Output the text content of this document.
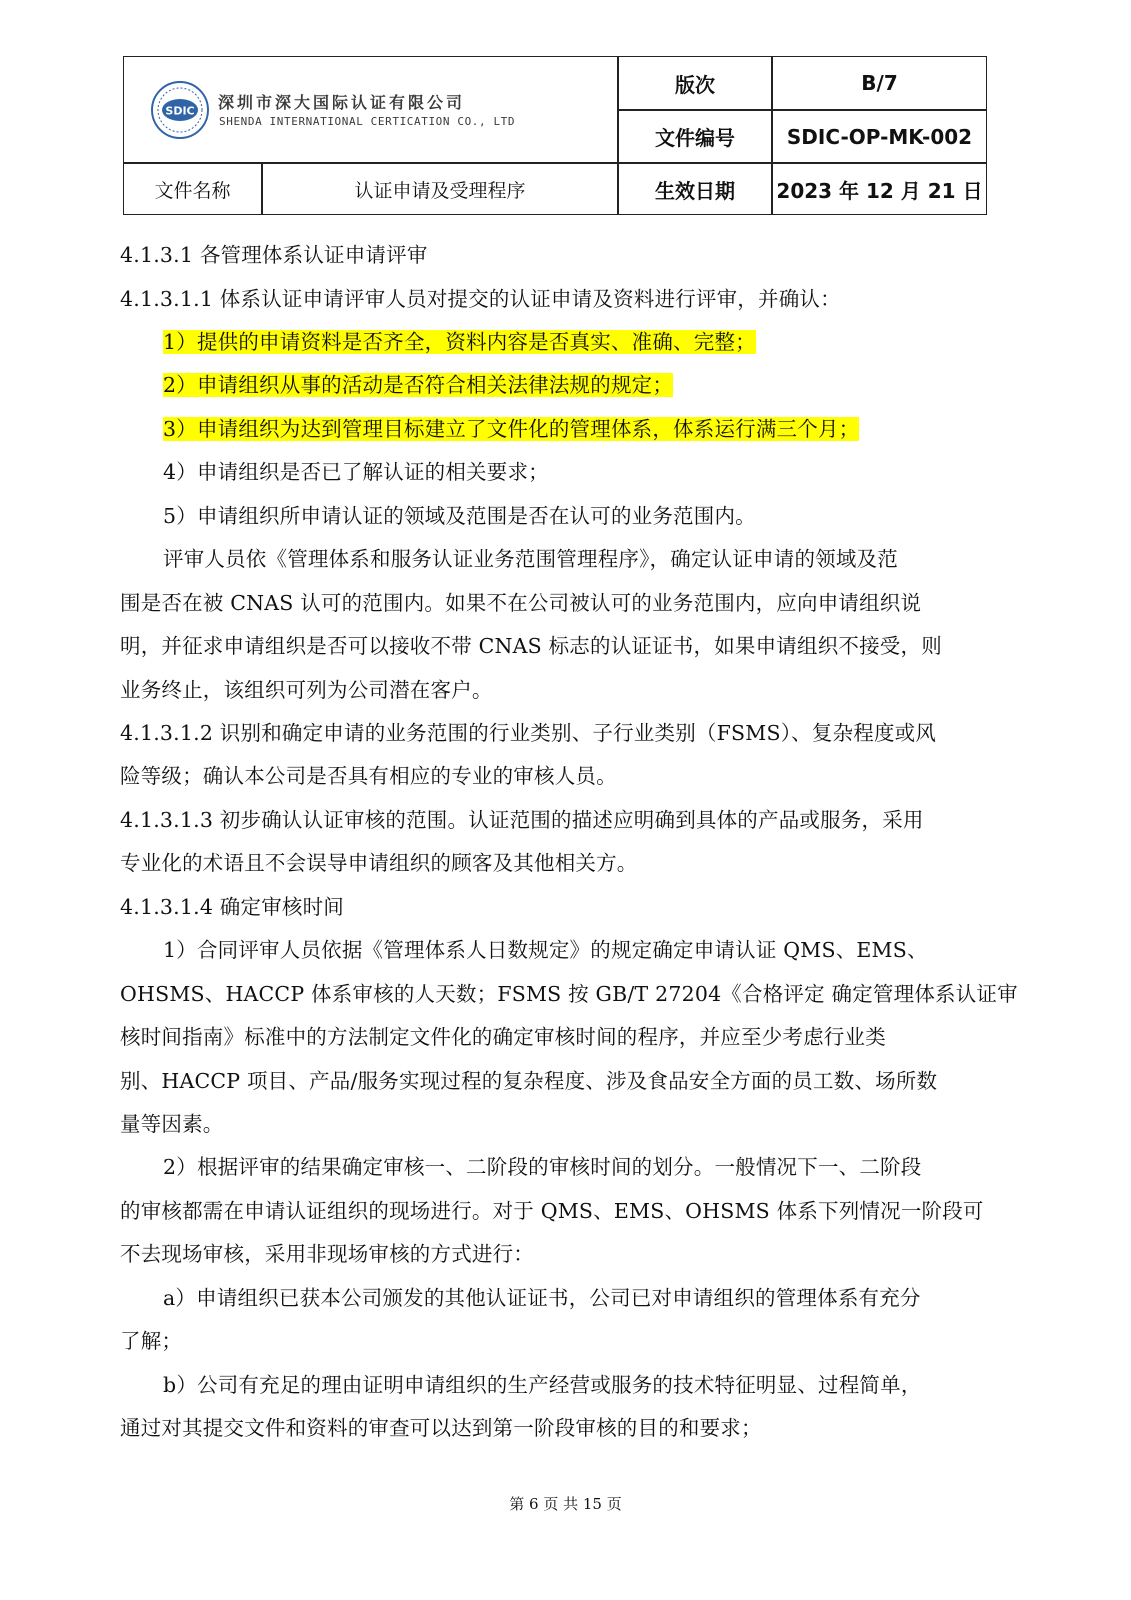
版次	B/7
文件编号	SDIC-OP-MK-002
文件名称	认证申请及受理程序	生效日期	2023 年 12 月 21 日
SDIC 深圳市深大国际认证有限公司
SHENDA INTERNATIONAL CERTICATION CO., LTD
4.1.3.1 各管理体系认证申请评审
4.1.3.1.1 体系认证申请评审人员对提交的认证申请及资料进行评审，并确认：
1）提供的申请资料是否齐全，资料内容是否真实、准确、完整；
2）申请组织从事的活动是否符合相关法律法规的规定；
3）申请组织为达到管理目标建立了文件化的管理体系，体系运行满三个月；
4）申请组织是否已了解认证的相关要求；
5）申请组织所申请认证的领域及范围是否在认可的业务范围内。
评审人员依《管理体系和服务认证业务范围管理程序》，确定认证申请的领域及范
围是否在被 CNAS 认可的范围内。如果不在公司被认可的业务范围内，应向申请组织说
明，并征求申请组织是否可以接收不带 CNAS 标志的认证证书，如果申请组织不接受，则
业务终止，该组织可列为公司潜在客户。
4.1.3.1.2 识别和确定申请的业务范围的行业类别、子行业类别（FSMS）、复杂程度或风
险等级；确认本公司是否具有相应的专业的审核人员。
4.1.3.1.3 初步确认认证审核的范围。认证范围的描述应明确到具体的产品或服务，采用
专业化的术语且不会误导申请组织的顾客及其他相关方。
4.1.3.1.4 确定审核时间
1）合同评审人员依据《管理体系人日数规定》的规定确定申请认证 QMS、EMS、
OHSMS、HACCP 体系审核的人天数；FSMS 按 GB/T 27204《合格评定 确定管理体系认证审
核时间指南》标准中的方法制定文件化的确定审核时间的程序，并应至少考虑行业类
别、HACCP 项目、产品/服务实现过程的复杂程度、涉及食品安全方面的员工数、场所数
量等因素。
2）根据评审的结果确定审核一、二阶段的审核时间的划分。一般情况下一、二阶段
的审核都需在申请认证组织的现场进行。对于 QMS、EMS、OHSMS 体系下列情况一阶段可
不去现场审核，采用非现场审核的方式进行：
a）申请组织已获本公司颁发的其他认证证书，公司已对申请组织的管理体系有充分
了解；
b）公司有充足的理由证明申请组织的生产经营或服务的技术特征明显、过程简单，
通过对其提交文件和资料的审查可以达到第一阶段审核的目的和要求；
第 6 页 共 15 页
